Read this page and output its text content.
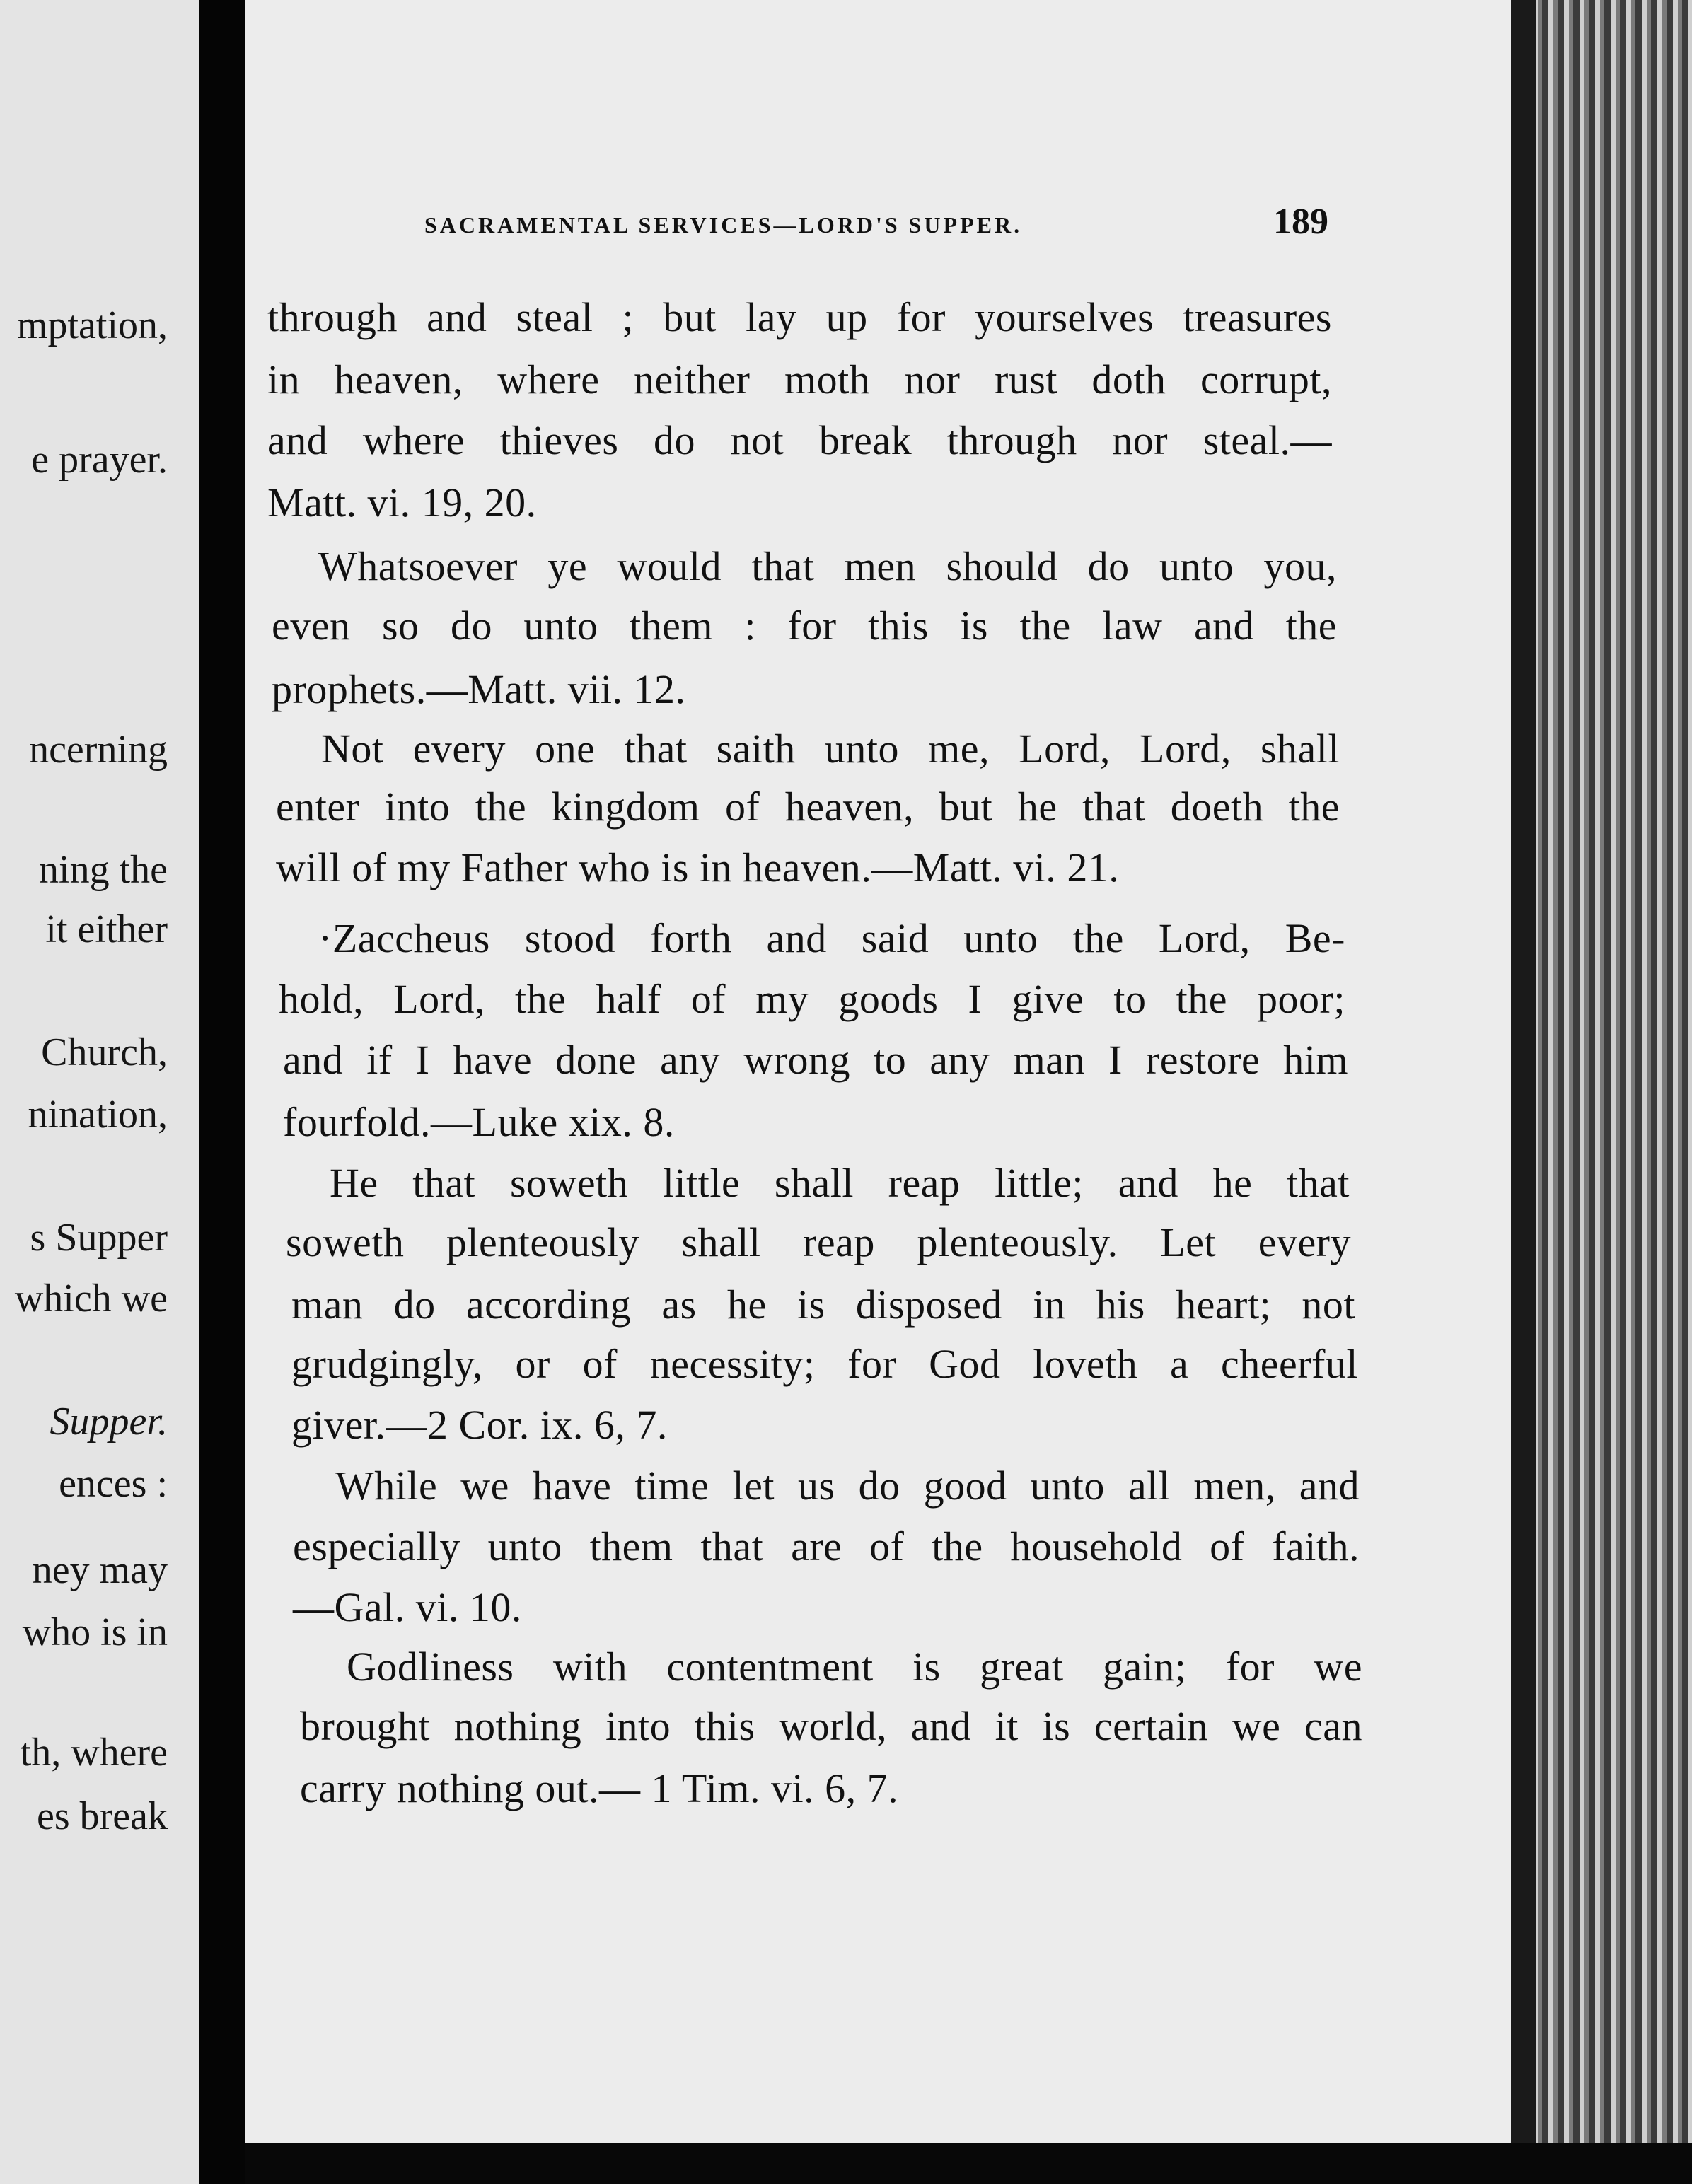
mptation,
e prayer.
ncerning
ning the
it either
Church,
nination,
s Supper
which we
Supper.
ences :
ney may
who is in
th, where
es break
SACRAMENTAL SERVICES—LORD'S SUPPER.	189
through and steal ; but lay up for yourselves treasures
in heaven, where neither moth nor rust doth corrupt,
and where thieves do not break through nor steal.—
Matt. vi. 19, 20.
Whatsoever ye would that men should do unto you,
even so do unto them : for this is the law and the
prophets.—Matt. vii. 12.
Not every one that saith unto me, Lord, Lord, shall
enter into the kingdom of heaven, but he that doeth the
will of my Father who is in heaven.—Matt. vi. 21.
·Zaccheus stood forth and said unto the Lord, Be-
hold, Lord, the half of my goods I give to the poor;
and if I have done any wrong to any man I restore him
fourfold.—Luke xix. 8.
He that soweth little shall reap little; and he that
soweth plenteously shall reap plenteously. Let every
man do according as he is disposed in his heart; not
grudgingly, or of necessity; for God loveth a cheerful
giver.—2 Cor. ix. 6, 7.
While we have time let us do good unto all men, and
especially unto them that are of the household of faith.
—Gal. vi. 10.
Godliness with contentment is great gain; for we
brought nothing into this world, and it is certain we can
carry nothing out.— 1 Tim. vi. 6, 7.
